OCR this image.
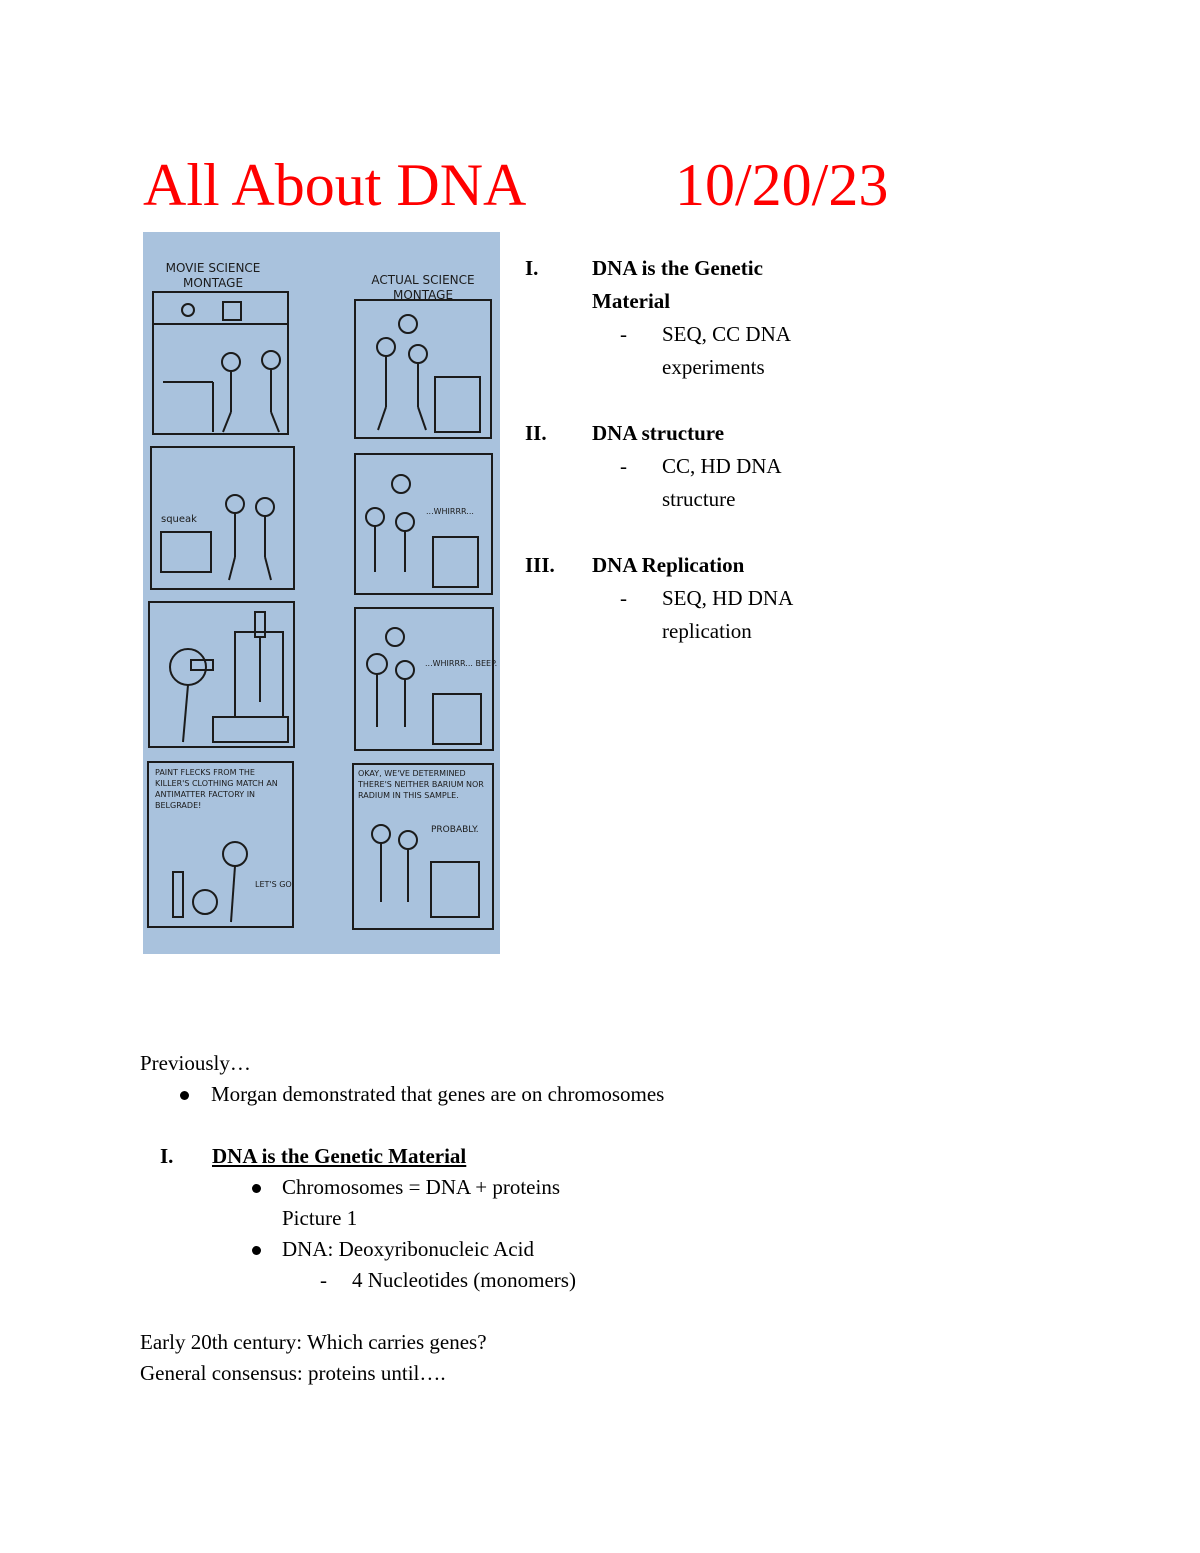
All About DNA 10/20/23
MOVIE SCIENCE
MONTAGE	ACTUAL SCIENCE
MONTAGE
squeak
...WHIRRR...
...WHIRRR... BEEP.
PAINT FLECKS FROM THE KILLER'S CLOTHING MATCH AN ANTIMATTER FACTORY IN BELGRADE!
LET'S GO!
OKAY, WE'VE DETERMINED THERE'S NEITHER BARIUM NOR RADIUM IN THIS SAMPLE.
PROBABLY.
I.	DNA is the Genetic Material
- SEQ, CC DNA
experiments
II.	DNA structure
- CC, HD DNA
structure
III.	DNA Replication
- SEQ, HD DNA
replication
Previously…
Morgan demonstrated that genes are on chromosomes
I. DNA is the Genetic Material
Chromosomes = DNA + proteins
Picture 1
DNA: Deoxyribonucleic Acid
- 4 Nucleotides (monomers)
Early 20th century: Which carries genes?
General consensus: proteins until….
